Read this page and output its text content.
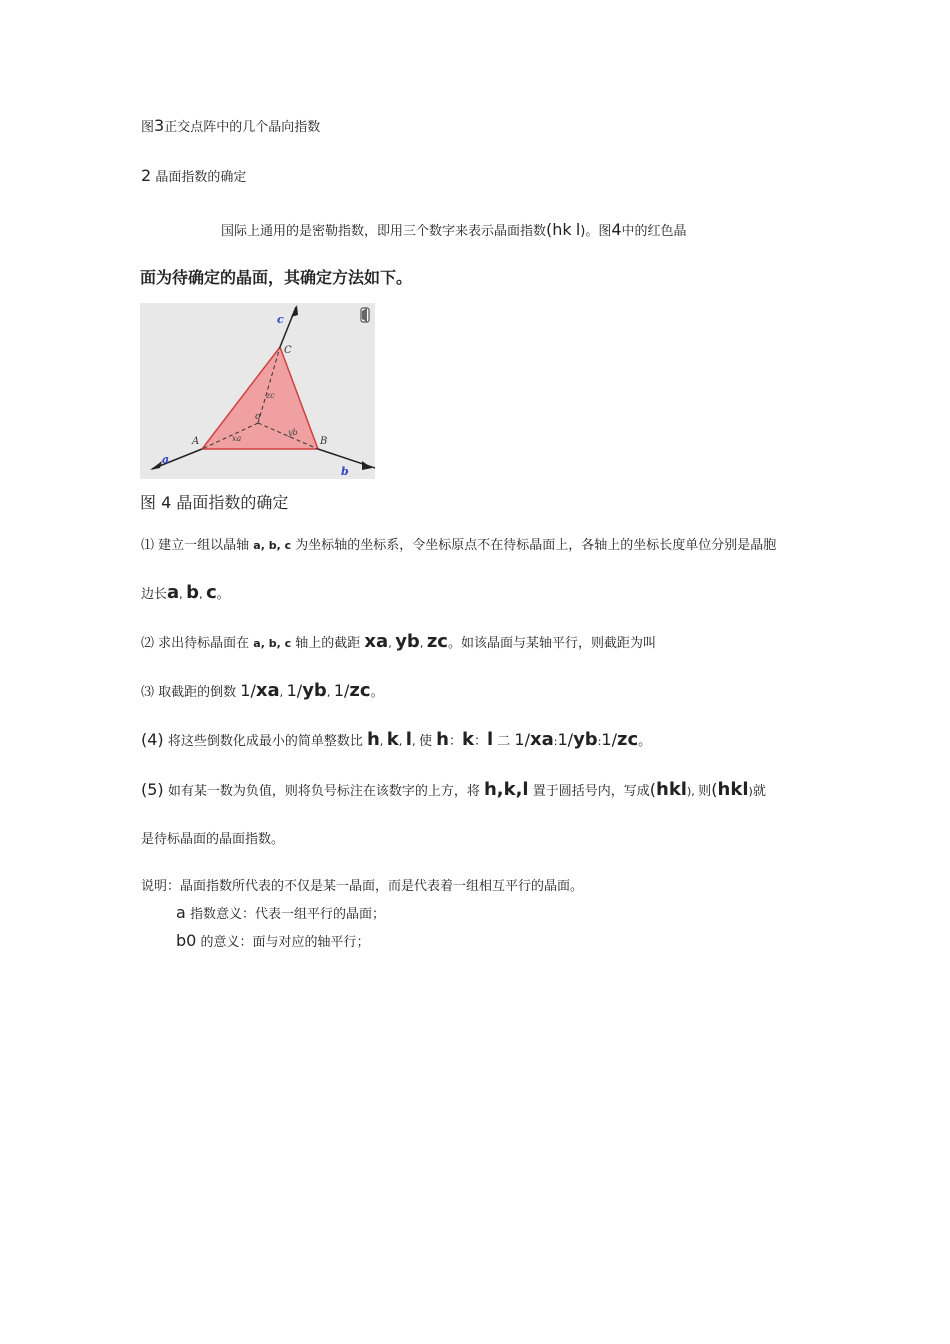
图3正交点阵中的几个晶向指数
2 晶面指数的确定
国际上通用的是密勒指数，即用三个数字来表示晶面指数(hk l)。图4中的红色晶
面为待确定的晶面，其确定方法如下。
a
b
c
A	B
C
o
xa
yb
zc
图 4 晶面指数的确定
⑴ 建立一组以晶轴 a, b, c 为坐标轴的坐标系，令坐标原点不在待标晶面上，各轴上的坐标长度单位分别是晶胞
边长a, b, c。
⑵ 求出待标晶面在 a, b, c 轴上的截距 xa, yb, zc。如该晶面与某轴平行，则截距为叫
⑶ 取截距的倒数 1/xa, 1/yb, 1/zc。
(4) 将这些倒数化成最小的简单整数比 h, k, l, 使 h：k：l 二 1/xa:1/yb:1/zc。
(5) 如有某一数为负值，则将负号标注在该数字的上方，将 h,k,l 置于圆括号内，写成(hkl), 则(hkl)就
是待标晶面的晶面指数。
说明：晶面指数所代表的不仅是某一晶面，而是代表着一组相互平行的晶面。
a 指数意义：代表一组平行的晶面；
b0 的意义：面与对应的轴平行；
